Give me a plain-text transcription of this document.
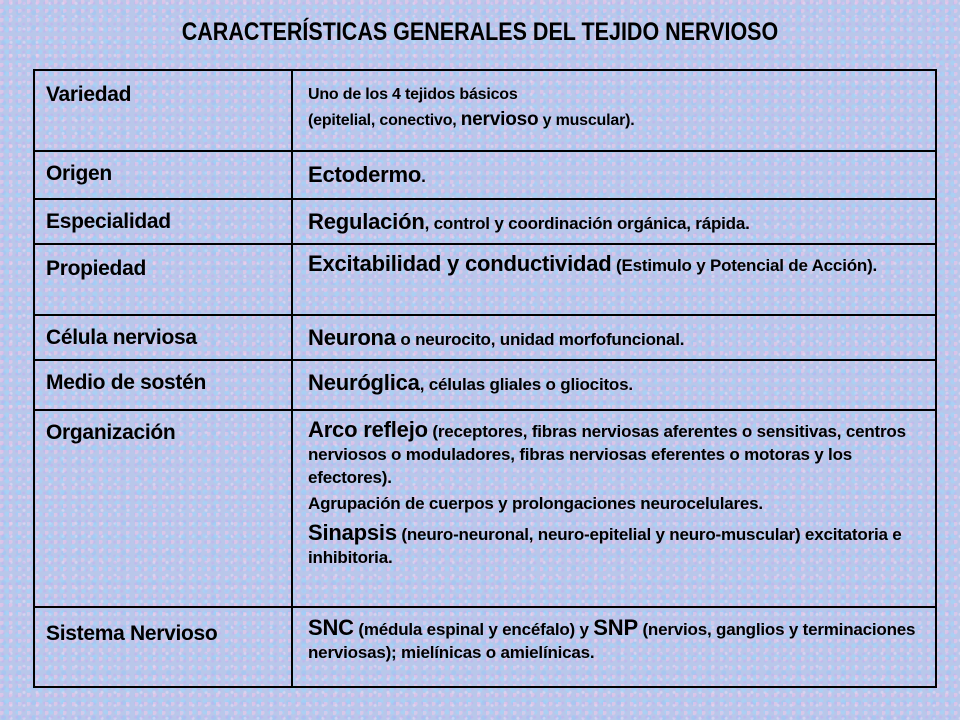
CARACTERÍSTICAS GENERALES DEL TEJIDO NERVIOSO
Variedad	Uno de los 4 tejidos básicos
(epitelial, conectivo, nervioso y muscular).

Origen	Ectodermo.
Especialidad	Regulación, control y coordinación orgánica, rápida.
Propiedad	Excitabilidad y conductividad (Estimulo y Potencial de Acción).
Célula nerviosa	Neurona o neurocito, unidad morfofuncional.
Medio de sostén	Neuróglica, células gliales o gliocitos.
Organización	Arco reflejo (receptores, fibras nerviosas aferentes o sensitivas, centros nerviosos o moduladores, fibras nerviosas eferentes o motoras y los efectores).
Agrupación de cuerpos y prolongaciones neurocelulares.
Sinapsis (neuro-neuronal, neuro-epitelial y neuro-muscular) excitatoria e inhibitoria.

Sistema Nervioso	SNC (médula espinal y encéfalo) y SNP (nervios, ganglios y terminaciones nerviosas); mielínicas o amielínicas.
